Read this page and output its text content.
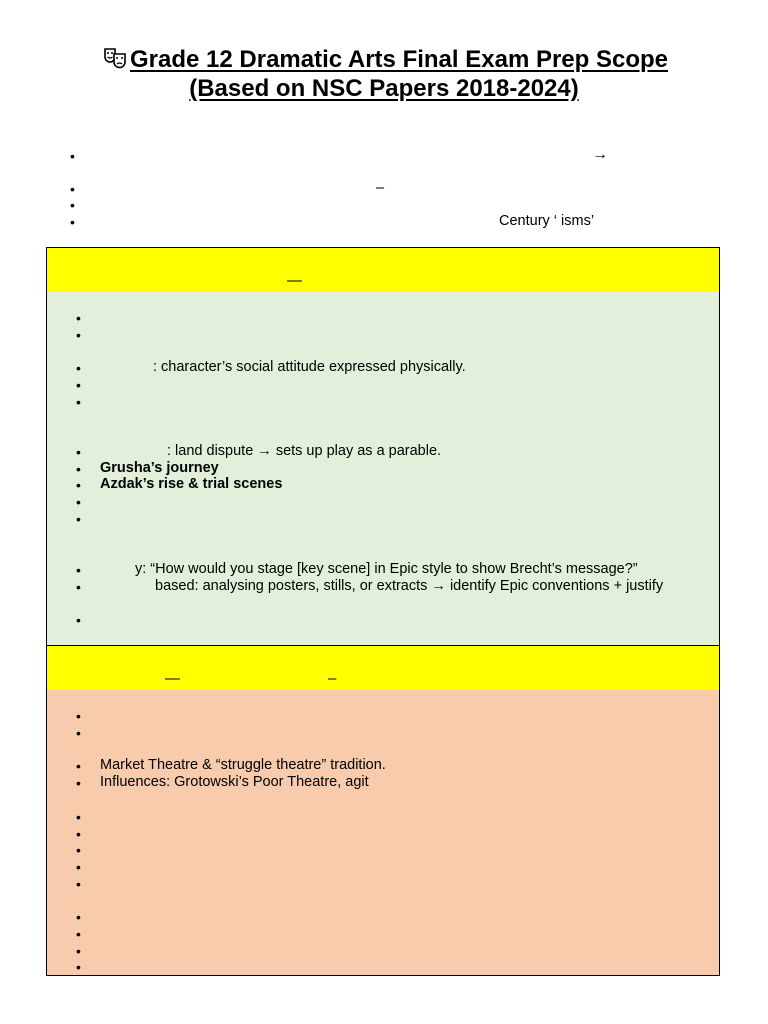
Grade 12 Dramatic Arts Final Exam Prep Scope
(Based on NSC Papers 2018-2024)
•	→
•	–
•
•	Century ‘ isms’
—
•
•
•	: character’s social attitude expressed physically.
•
•
•	: land dispute → sets up play as a parable.
• Grusha’s journey
• Azdak’s rise & trial scenes
•
•
•	y: “How would you stage [key scene] in Epic style to show Brecht’s message?”
•	based: analysing posters, stills, or extracts → identify Epic conventions + justify
•
—	–
•
•
• Market Theatre & “struggle theatre” tradition.
• Influences: Grotowski’s Poor Theatre, agit
•
•
•
•
•
•
•
•
•
